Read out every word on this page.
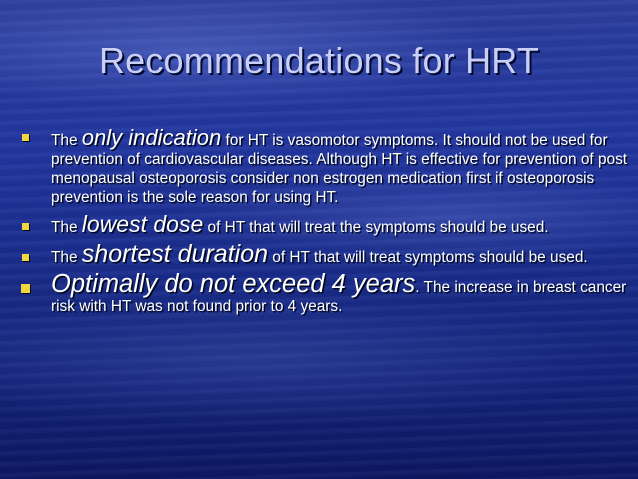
Recommendations for HRT
The only indication for HT is vasomotor symptoms. It should not be used for prevention of cardiovascular diseases. Although HT is effective for prevention of post menopausal osteoporosis consider non estrogen medication first if osteoporosis prevention is the sole reason for using HT.
The lowest dose of HT that will treat the symptoms should be used.
The shortest duration of HT that will treat symptoms should be used.
Optimally do not exceed 4 years. The increase in breast cancer risk with HT was not found prior to 4 years.
